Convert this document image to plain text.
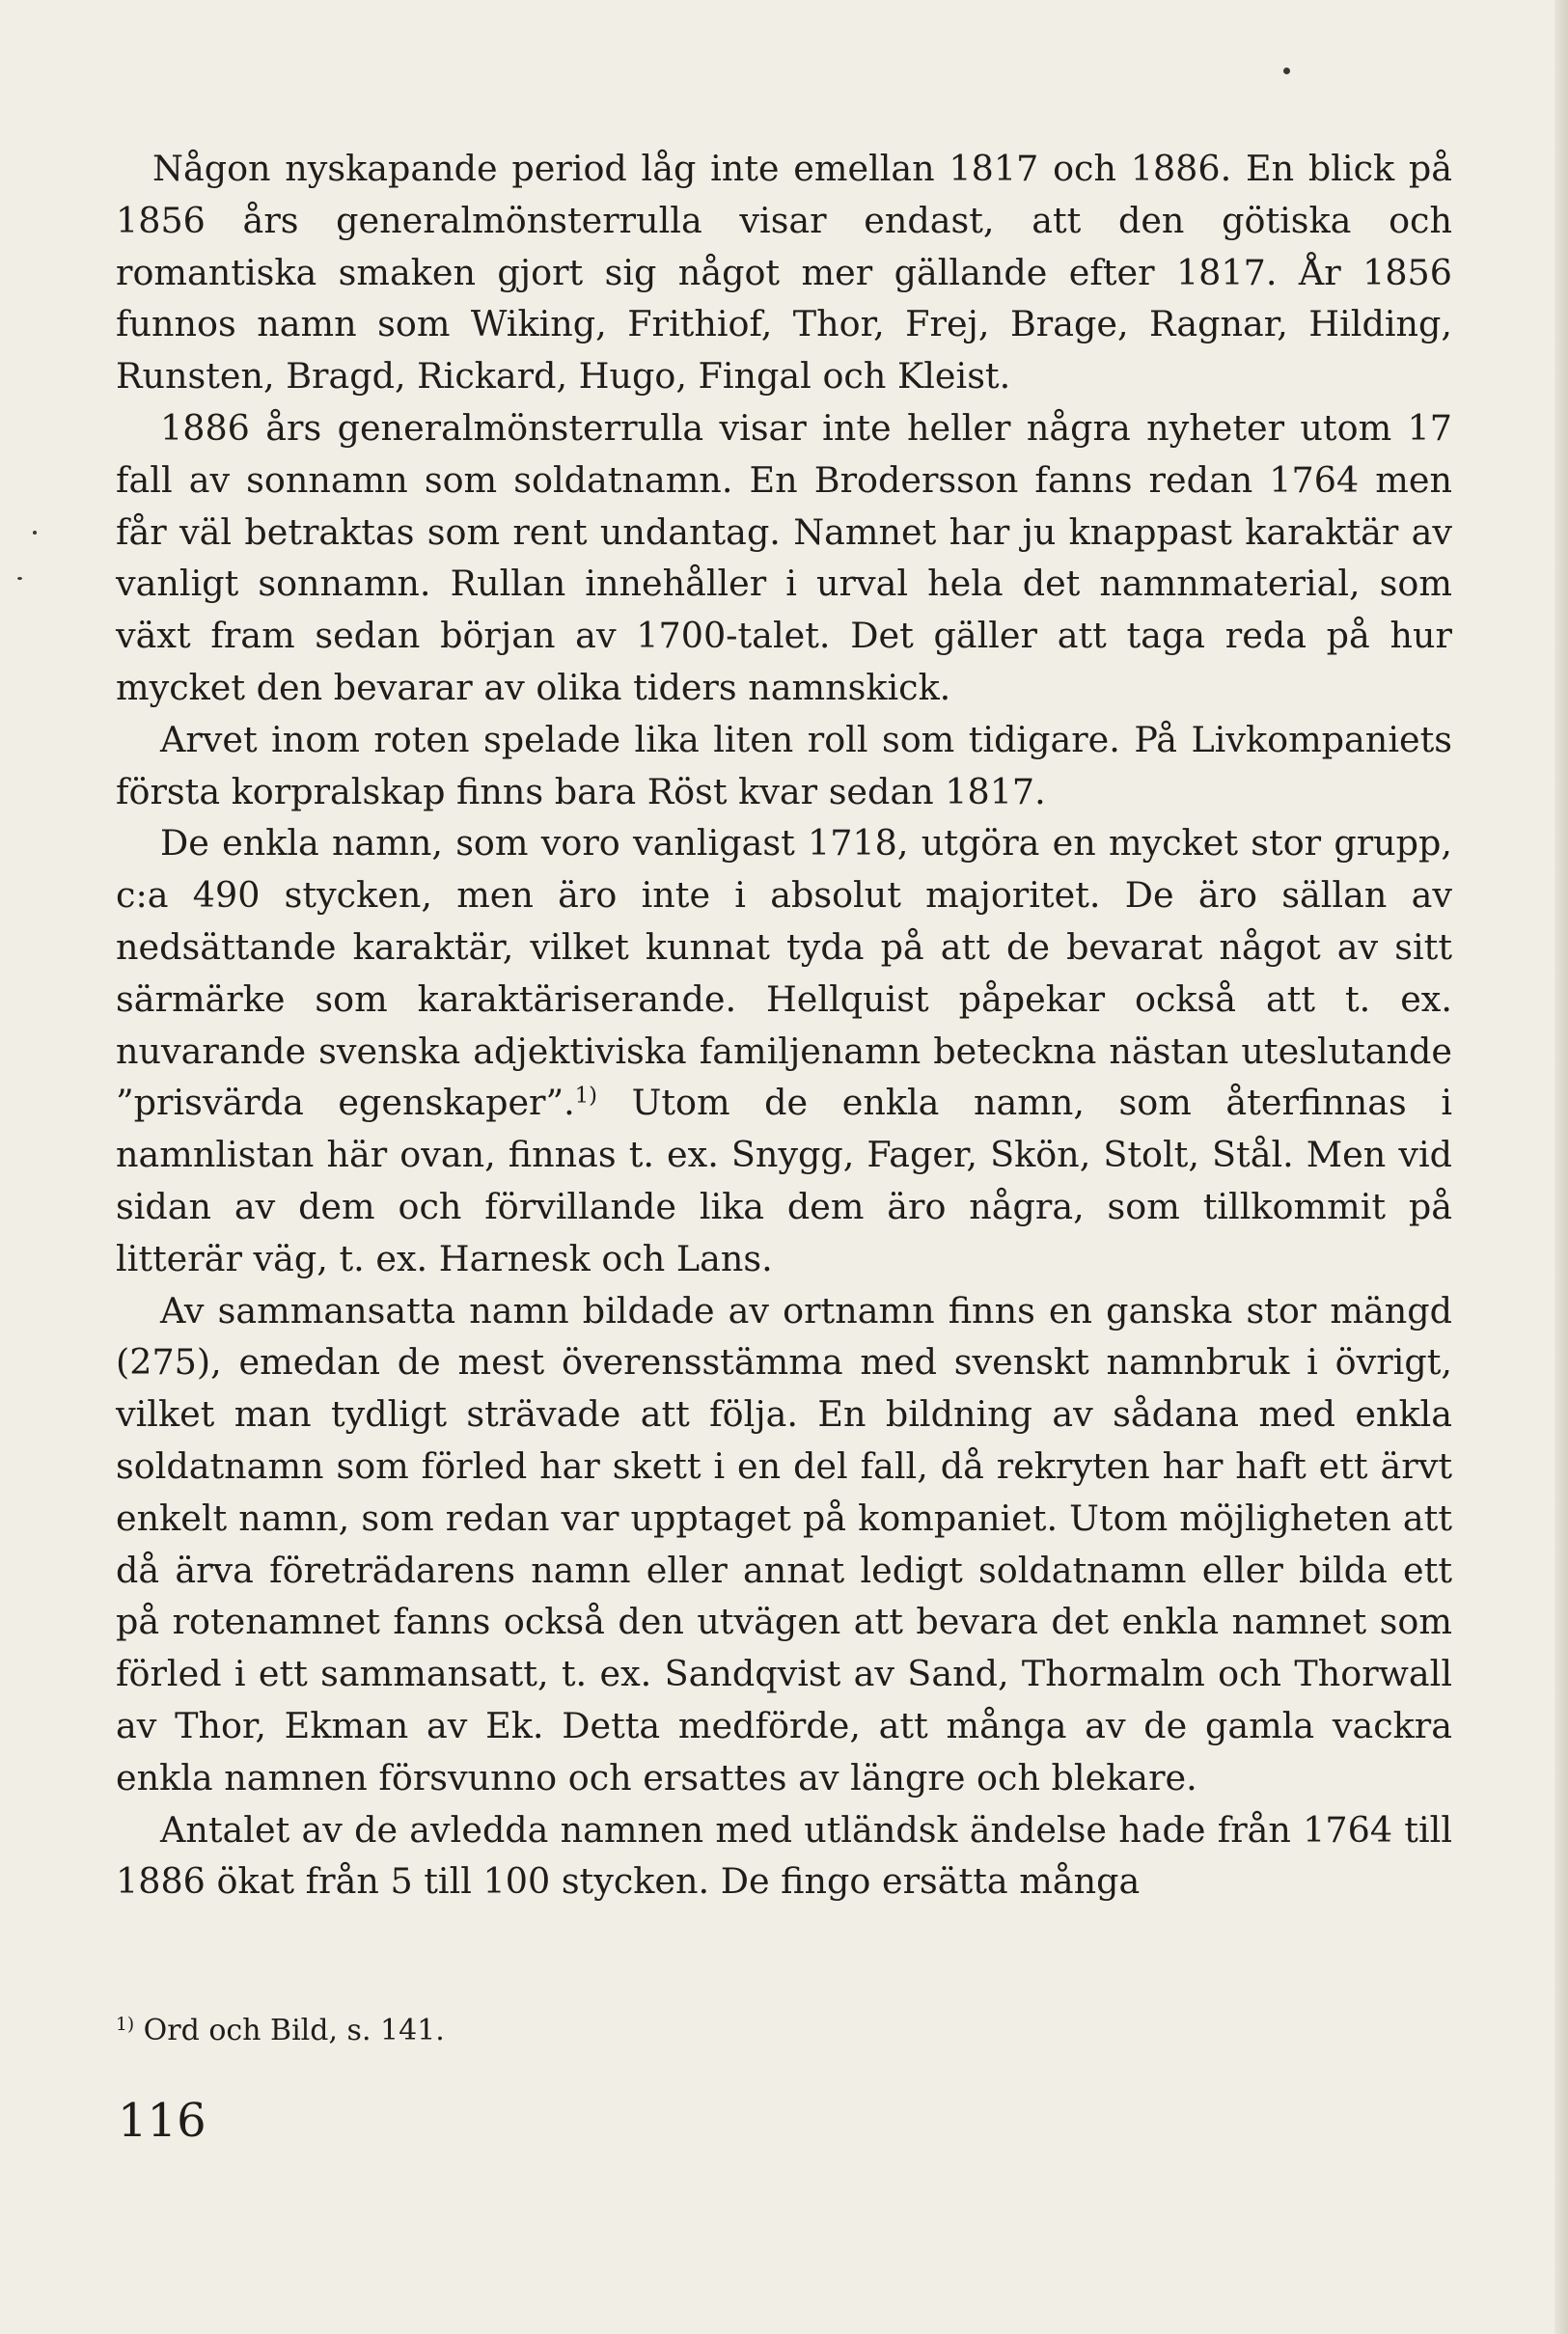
Någon nyskapande period låg inte emellan 1817 och 1886. En blick på 1856 års generalmönsterrulla visar endast, att den götiska och romantiska smaken gjort sig något mer gällande efter 1817. År 1856 funnos namn som Wiking, Frithiof, Thor, Frej, Brage, Ragnar, Hilding, Runsten, Bragd, Rickard, Hugo, Fingal och Kleist.

1886 års generalmönsterrulla visar inte heller några nyheter utom 17 fall av sonnamn som soldatnamn. En Brodersson fanns redan 1764 men får väl betraktas som rent undantag. Namnet har ju knappast karaktär av vanligt sonnamn. Rullan innehåller i urval hela det namnmaterial, som växt fram sedan början av 1700-talet. Det gäller att taga reda på hur mycket den bevarar av olika tiders namnskick.

Arvet inom roten spelade lika liten roll som tidigare. På Livkompaniets första korpralskap finns bara Röst kvar sedan 1817.

De enkla namn, som voro vanligast 1718, utgöra en mycket stor grupp, c:a 490 stycken, men äro inte i absolut majoritet. De äro sällan av nedsättande karaktär, vilket kunnat tyda på att de bevarat något av sitt särmärke som karaktäriserande. Hellquist påpekar också att t. ex. nuvarande svenska adjektiviska familjenamn beteckna nästan uteslutande ”prisvärda egenskaper”.$^{1)}$ Utom de enkla namn, som återfinnas i namnlistan här ovan, finnas t. ex. Snygg, Fager, Skön, Stolt, Stål. Men vid sidan av dem och förvillande lika dem äro några, som tillkommit på litterär väg, t. ex. Harnesk och Lans.

Av sammansatta namn bildade av ortnamn finns en ganska stor mängd (275), emedan de mest överensstämma med svenskt namnbruk i övrigt, vilket man tydligt strävade att följa. En bildning av sådana med enkla soldatnamn som förled har skett i en del fall, då rekryten har haft ett ärvt enkelt namn, som redan var upptaget på kompaniet. Utom möjligheten att då ärva företrädarens namn eller annat ledigt soldatnamn eller bilda ett på rotenamnet fanns också den utvägen att bevara det enkla namnet som förled i ett sammansatt, t. ex. Sandqvist av Sand, Thormalm och Thorwall av Thor, Ekman av Ek. Detta medförde, att många av de gamla vackra enkla namnen försvunno och ersattes av längre och blekare.

Antalet av de avledda namnen med utländsk ändelse hade från 1764 till 1886 ökat från 5 till 100 stycken. De fingo ersätta många

$^{1)}$ Ord och Bild, s. 141.
116
